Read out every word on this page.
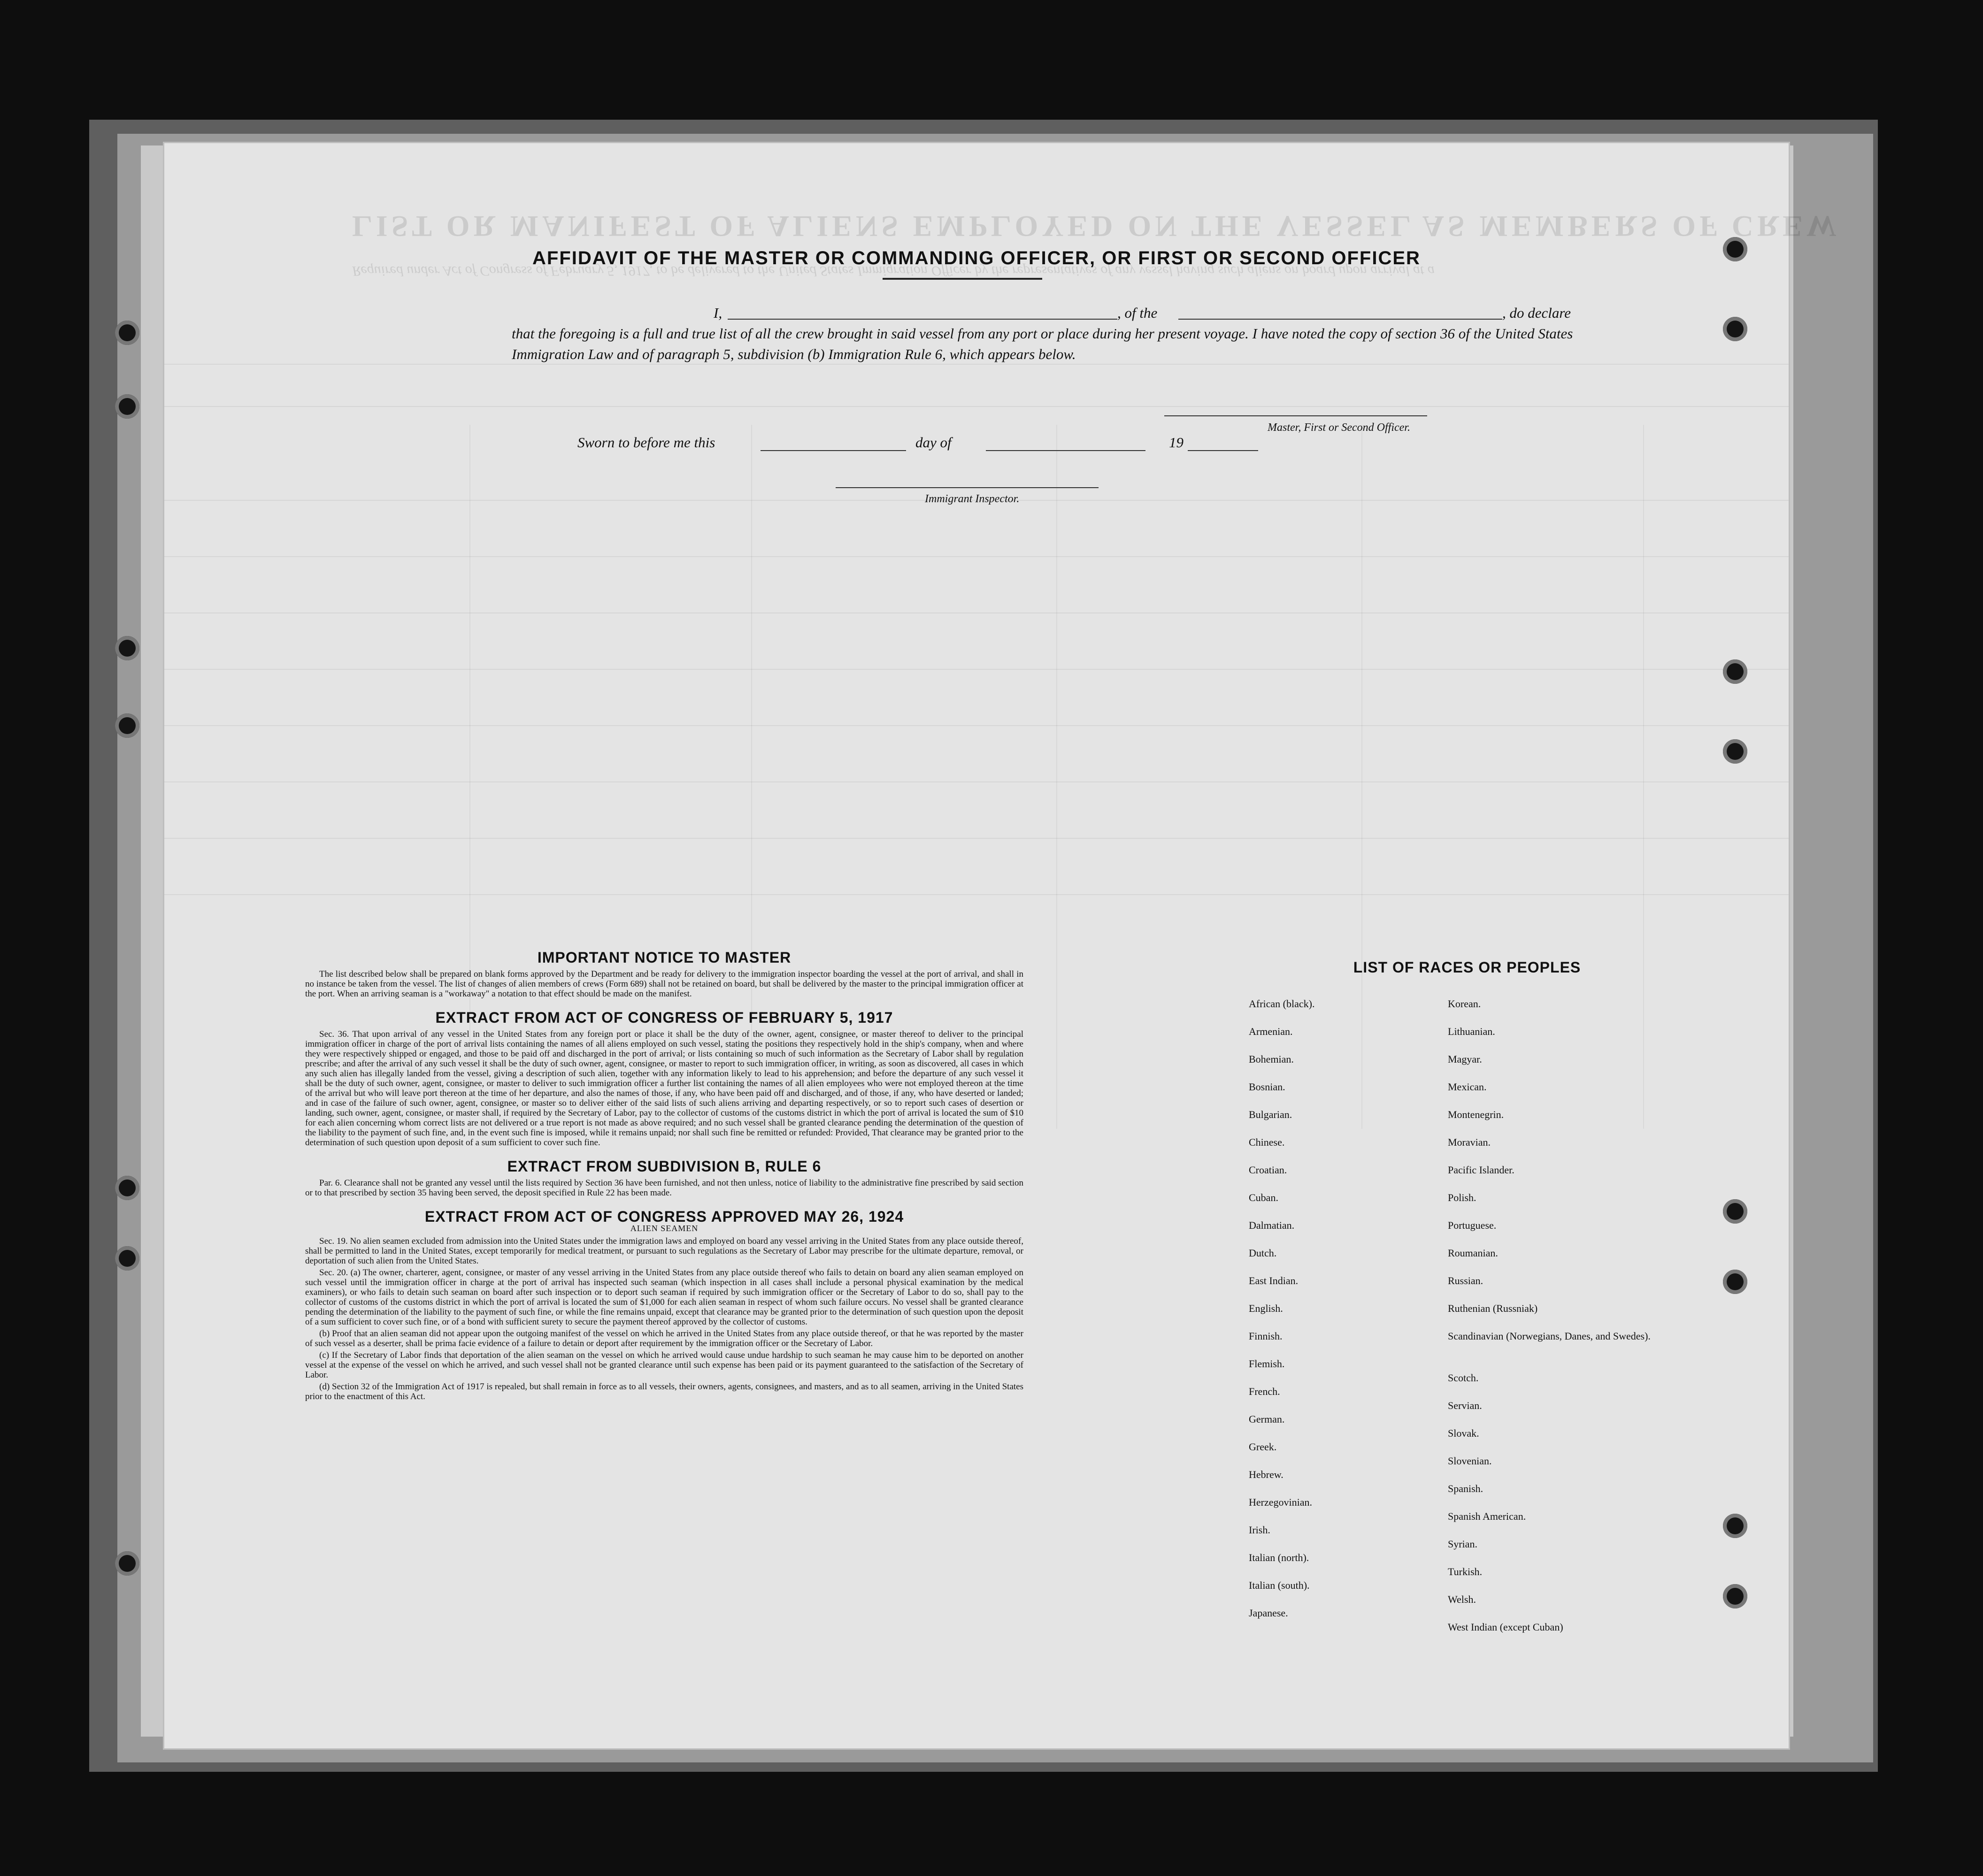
LIST OR MANIFEST OF ALIENS EMPLOYED ON THE VESSEL AS MEMBERS OF CREW
Required under Act of Congress of February 5, 1917, to be delivered to the United States Immigration Officer by the representatives of any vessel having such aliens on board upon arrival at a
AFFIDAVIT OF THE MASTER OR COMMANDING OFFICER, OR FIRST OR SECOND OFFICER
I,	, of the	, do declare
that the foregoing is a full and true list of all the crew brought in said vessel from any port or place during her present voyage. I have noted the copy of section 36 of the United States Immigration Law and of paragraph 5, subdivision (b) Immigration Rule 6, which appears below.
Master, First or Second Officer.
Sworn to before me this	day of	19
Immigrant Inspector.
IMPORTANT NOTICE TO MASTER

The list described below shall be prepared on blank forms approved by the Department and be ready for delivery to the immigration inspector boarding the vessel at the port of arrival, and shall in no instance be taken from the vessel. The list of changes of alien members of crews (Form 689) shall not be retained on board, but shall be delivered by the master to the principal immigration officer at the port. When an arriving seaman is a "workaway" a notation to that effect should be made on the manifest.

EXTRACT FROM ACT OF CONGRESS OF FEBRUARY 5, 1917

Sec. 36. That upon arrival of any vessel in the United States from any foreign port or place it shall be the duty of the owner, agent, consignee, or master thereof to deliver to the principal immigration officer in charge of the port of arrival lists containing the names of all aliens employed on such vessel, stating the positions they respectively hold in the ship's company, when and where they were respectively shipped or engaged, and those to be paid off and discharged in the port of arrival; or lists containing so much of such information as the Secretary of Labor shall by regulation prescribe; and after the arrival of any such vessel it shall be the duty of such owner, agent, consignee, or master to report to such immigration officer, in writing, as soon as discovered, all cases in which any such alien has illegally landed from the vessel, giving a description of such alien, together with any information likely to lead to his apprehension; and before the departure of any such vessel it shall be the duty of such owner, agent, consignee, or master to deliver to such immigration officer a further list containing the names of all alien employees who were not employed thereon at the time of the arrival but who will leave port thereon at the time of her departure, and also the names of those, if any, who have been paid off and discharged, and of those, if any, who have deserted or landed; and in case of the failure of such owner, agent, consignee, or master so to deliver either of the said lists of such aliens arriving and departing respectively, or so to report such cases of desertion or landing, such owner, agent, consignee, or master shall, if required by the Secretary of Labor, pay to the collector of customs of the customs district in which the port of arrival is located the sum of $10 for each alien concerning whom correct lists are not delivered or a true report is not made as above required; and no such vessel shall be granted clearance pending the determination of the question of the liability to the payment of such fine, and, in the event such fine is imposed, while it remains unpaid; nor shall such fine be remitted or refunded: Provided, That clearance may be granted prior to the determination of such question upon deposit of a sum sufficient to cover such fine.

EXTRACT FROM SUBDIVISION B, RULE 6

Par. 6. Clearance shall not be granted any vessel until the lists required by Section 36 have been furnished, and not then unless, notice of liability to the administrative fine prescribed by said section or to that prescribed by section 35 having been served, the deposit specified in Rule 22 has been made.

EXTRACT FROM ACT OF CONGRESS APPROVED MAY 26, 1924
ALIEN SEAMEN

Sec. 19. No alien seamen excluded from admission into the United States under the immigration laws and employed on board any vessel arriving in the United States from any place outside thereof, shall be permitted to land in the United States, except temporarily for medical treatment, or pursuant to such regulations as the Secretary of Labor may prescribe for the ultimate departure, removal, or deportation of such alien from the United States.

Sec. 20. (a) The owner, charterer, agent, consignee, or master of any vessel arriving in the United States from any place outside thereof who fails to detain on board any alien seaman employed on such vessel until the immigration officer in charge at the port of arrival has inspected such seaman (which inspection in all cases shall include a personal physical examination by the medical examiners), or who fails to detain such seaman on board after such inspection or to deport such seaman if required by such immigration officer or the Secretary of Labor to do so, shall pay to the collector of customs of the customs district in which the port of arrival is located the sum of $1,000 for each alien seaman in respect of whom such failure occurs. No vessel shall be granted clearance pending the determination of the liability to the payment of such fine, or while the fine remains unpaid, except that clearance may be granted prior to the determination of such question upon the deposit of a sum sufficient to cover such fine, or of a bond with sufficient surety to secure the payment thereof approved by the collector of customs.

(b) Proof that an alien seaman did not appear upon the outgoing manifest of the vessel on which he arrived in the United States from any place outside thereof, or that he was reported by the master of such vessel as a deserter, shall be prima facie evidence of a failure to detain or deport after requirement by the immigration officer or the Secretary of Labor.

(c) If the Secretary of Labor finds that deportation of the alien seaman on the vessel on which he arrived would cause undue hardship to such seaman he may cause him to be deported on another vessel at the expense of the vessel on which he arrived, and such vessel shall not be granted clearance until such expense has been paid or its payment guaranteed to the satisfaction of the Secretary of Labor.

(d) Section 32 of the Immigration Act of 1917 is repealed, but shall remain in force as to all vessels, their owners, agents, consignees, and masters, and as to all seamen, arriving in the United States prior to the enactment of this Act.

LIST OF RACES OR PEOPLES
African (black).
Armenian.
Bohemian.
Bosnian.
Bulgarian.
Chinese.
Croatian.
Cuban.
Dalmatian.
Dutch.
East Indian.
English.
Finnish.
Flemish.
French.
German.
Greek.
Hebrew.
Herzegovinian.
Irish.
Italian (north).
Italian (south).
Japanese.
Korean.
Lithuanian.
Magyar.
Mexican.
Montenegrin.
Moravian.
Pacific Islander.
Polish.
Portuguese.
Roumanian.
Russian.
Ruthenian (Russniak)
Scandinavian (Norwegians, Danes, and Swedes).
Scotch.
Servian.
Slovak.
Slovenian.
Spanish.
Spanish American.
Syrian.
Turkish.
Welsh.
West Indian (except Cuban)
